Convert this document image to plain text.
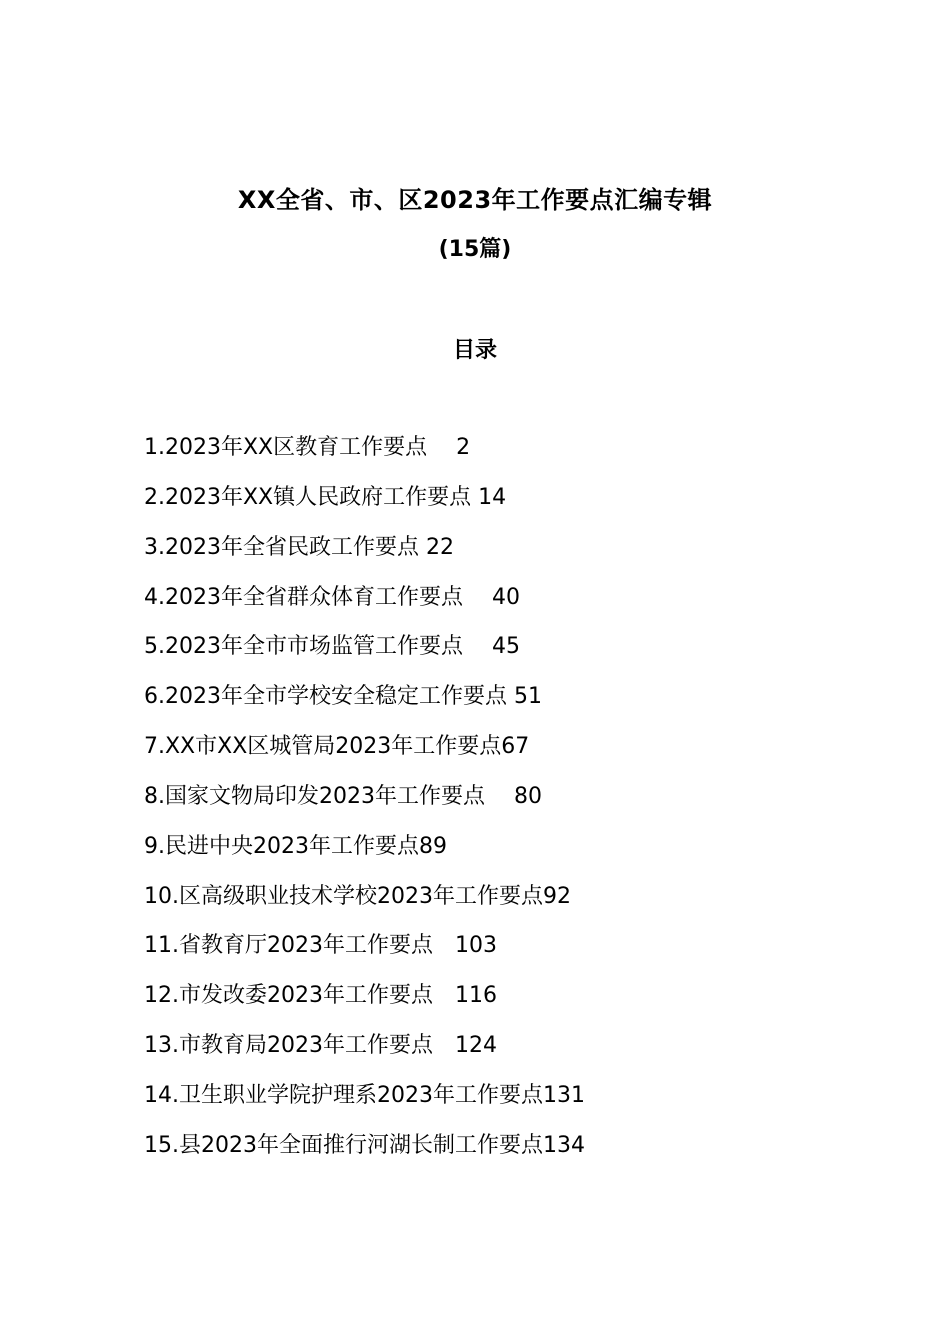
XX全省、市、区2023年工作要点汇编专辑
(15篇)
目录
1.2023年XX区教育工作要点　 2
2.2023年XX镇人民政府工作要点 14
3.2023年全省民政工作要点 22
4.2023年全省群众体育工作要点　 40
5.2023年全市市场监管工作要点　 45
6.2023年全市学校安全稳定工作要点 51
7.XX市XX区城管局2023年工作要点67
8.国家文物局印发2023年工作要点　 80
9.民进中央2023年工作要点89
10.区高级职业技术学校2023年工作要点92
11.省教育厅2023年工作要点　103
12.市发改委2023年工作要点　116
13.市教育局2023年工作要点　124
14.卫生职业学院护理系2023年工作要点131
15.县2023年全面推行河湖长制工作要点134
